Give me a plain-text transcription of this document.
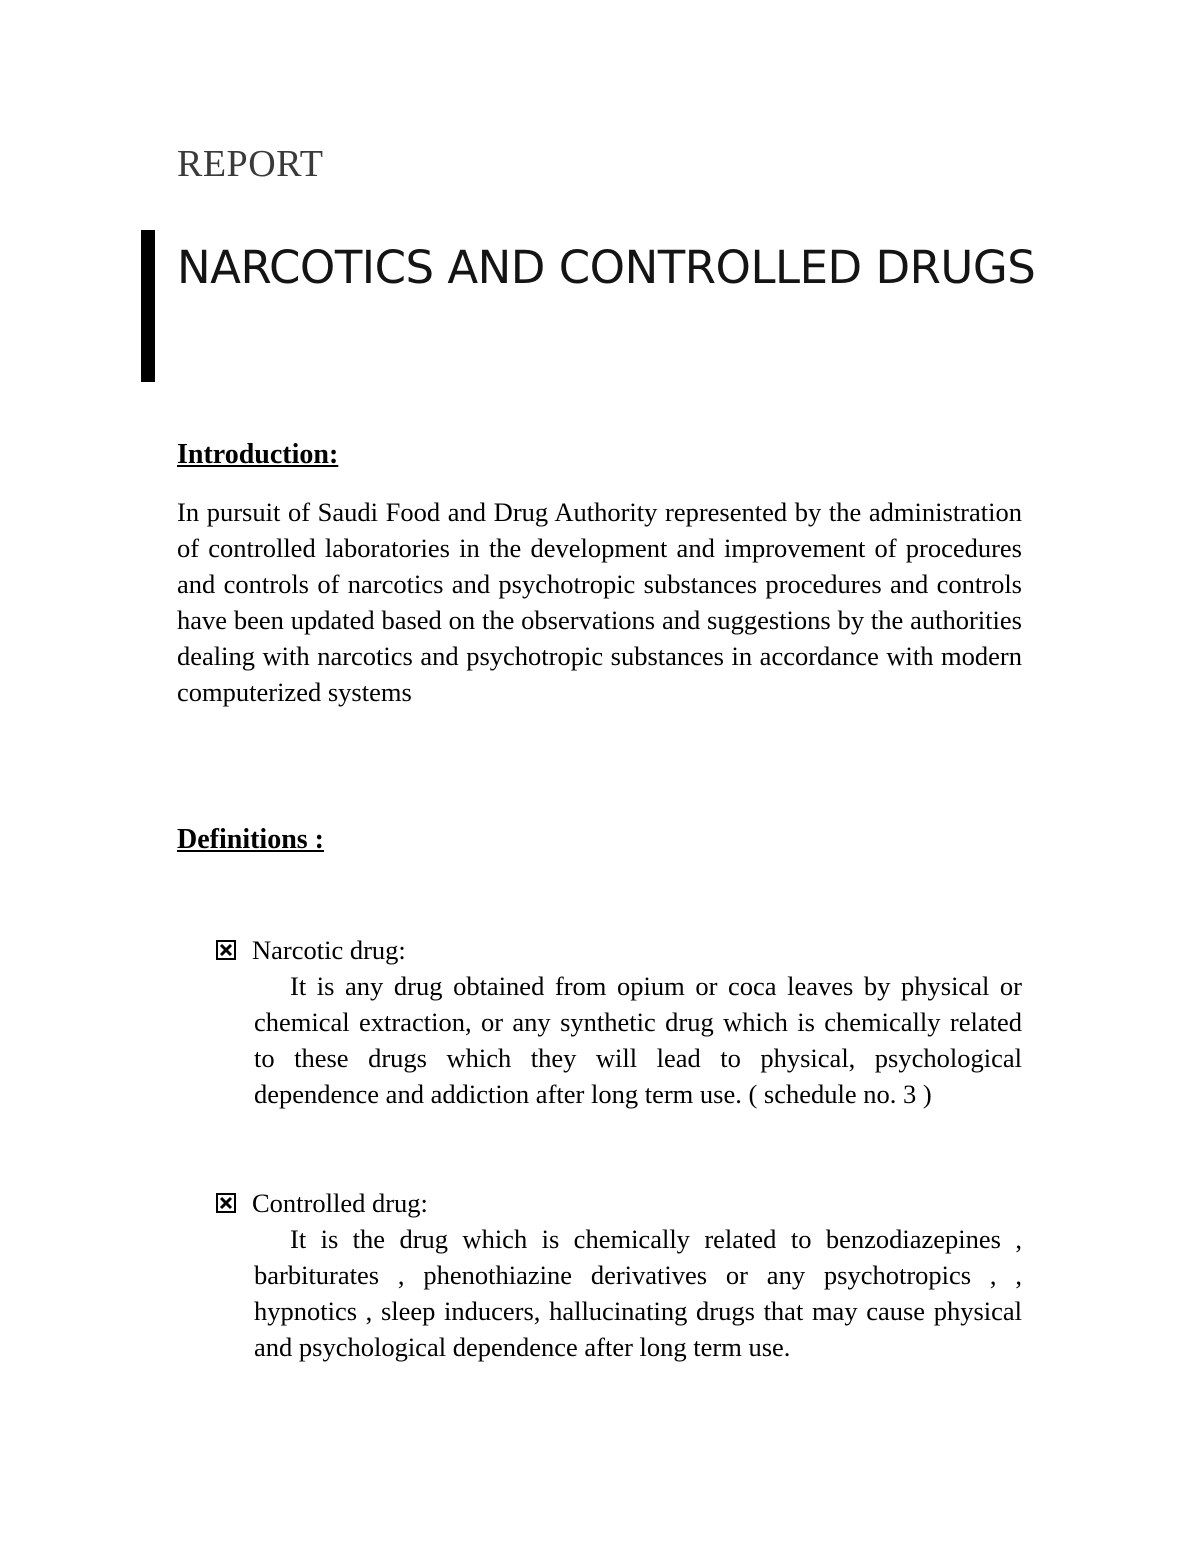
REPORT
NARCOTICS AND CONTROLLED DRUGS
Introduction:

In pursuit of Saudi Food and Drug Authority represented by the administration of controlled laboratories in the development and improvement of procedures and controls of narcotics and psychotropic substances procedures and controls have been updated based on the observations and suggestions by the authorities dealing with narcotics and psychotropic substances in accordance with modern computerized systems

Definitions :
Narcotic drug:

It is any drug obtained from opium or coca leaves by physical or chemical extraction, or any synthetic drug which is chemically related to these drugs which they will lead to physical, psychological dependence and addiction after long term use. ( schedule no. 3 )

Controlled drug:

It is the drug which is chemically related to benzodiazepines , barbiturates , phenothiazine derivatives or any psychotropics , , hypnotics , sleep inducers, hallucinating drugs that may cause physical and psychological dependence after long term use.
